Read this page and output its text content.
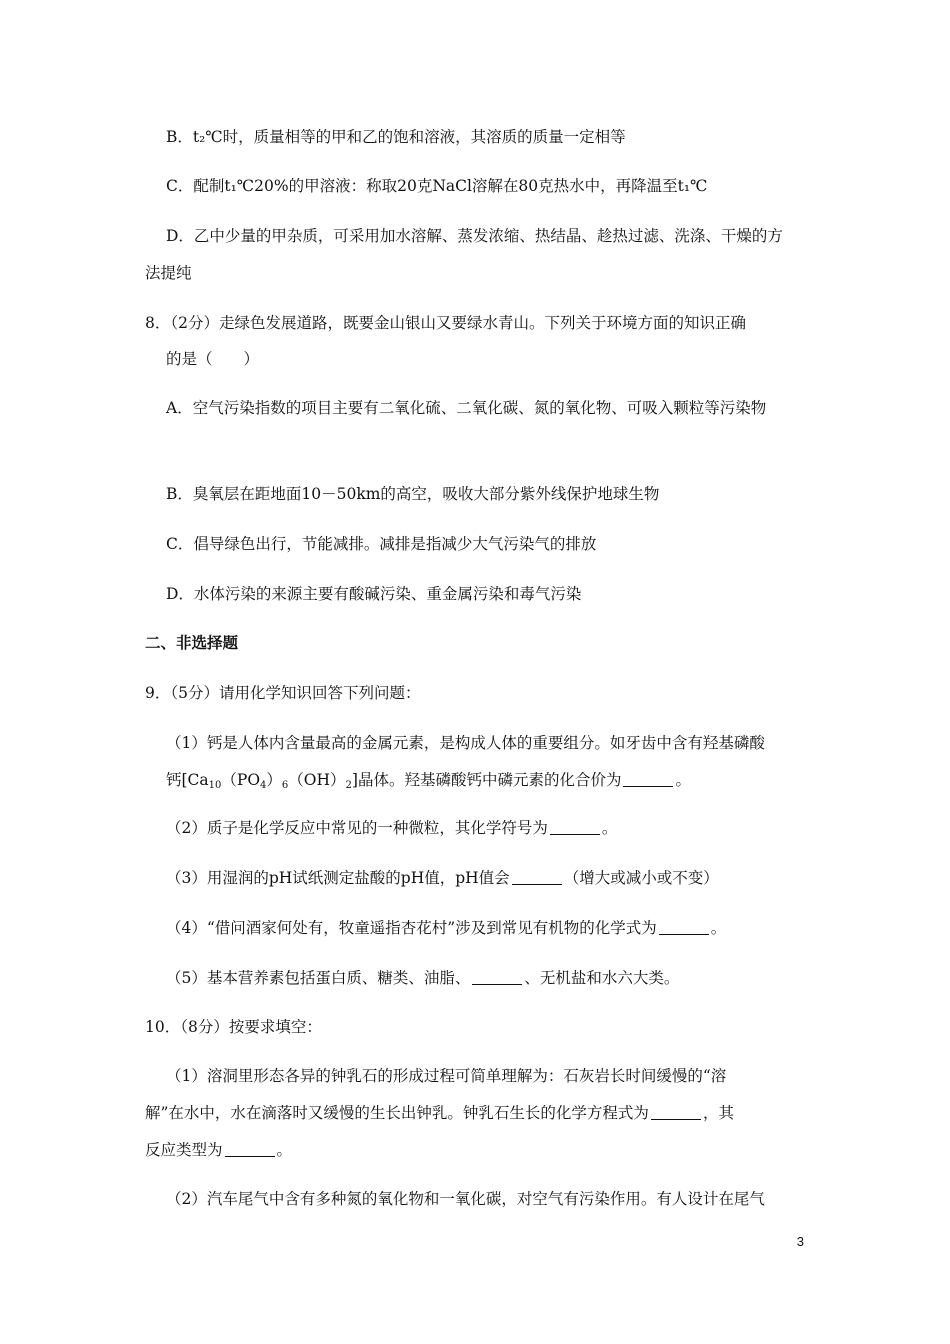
B．t₂℃时，质量相等的甲和乙的饱和溶液，其溶质的质量一定相等
C．配制t₁℃20%的甲溶液：称取20克NaCl溶解在80克热水中，再降温至t₁℃
D．乙中少量的甲杂质，可采用加水溶解、蒸发浓缩、热结晶、趁热过滤、洗涤、干燥的方
法提纯
8．（2分）走绿色发展道路，既要金山银山又要绿水青山。下列关于环境方面的知识正确
的是（　　）
A．空气污染指数的项目主要有二氧化硫、二氧化碳、氮的氧化物、可吸入颗粒等污染物
B．臭氧层在距地面10－50km的高空，吸收大部分紫外线保护地球生物
C．倡导绿色出行，节能减排。减排是指减少大气污染气的排放
D．水体污染的来源主要有酸碱污染、重金属污染和毒气污染
二、非选择题
9．（5分）请用化学知识回答下列问题：
（1）钙是人体内含量最高的金属元素，是构成人体的重要组分。如牙齿中含有羟基磷酸
钙$[Ca_{10}(PO_4)_6(OH)_2]$晶体。羟基磷酸钙中磷元素的化合价为	。
（2）质子是化学反应中常见的一种微粒，其化学符号为	。
（3）用湿润的pH试纸测定盐酸的pH值，pH值会	（增大或减小或不变）
（4）“借问酒家何处有，牧童遥指杏花村”涉及到常见有机物的化学式为	。
（5）基本营养素包括蛋白质、糖类、油脂、	、无机盐和水六大类。
10．（8分）按要求填空：
（1）溶洞里形态各异的钟乳石的形成过程可简单理解为：石灰岩长时间缓慢的“溶
解”在水中，水在滴落时又缓慢的生长出钟乳。钟乳石生长的化学方程式为	，其
反应类型为	。
（2）汽车尾气中含有多种氮的氧化物和一氧化碳，对空气有污染作用。有人设计在尾气
3
